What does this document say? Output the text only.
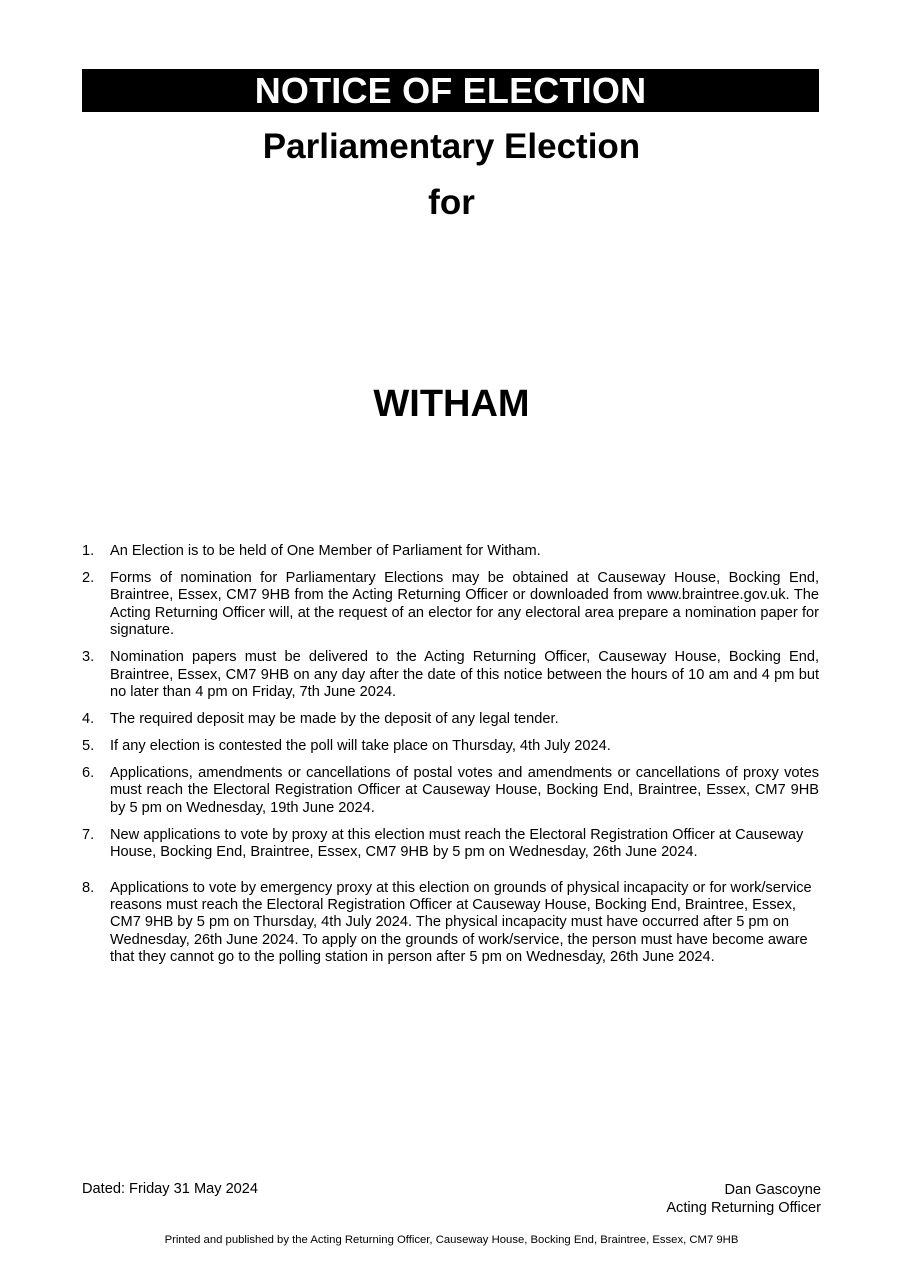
NOTICE OF ELECTION
Parliamentary Election
for
WITHAM
1. An Election is to be held of One Member of Parliament for Witham.
2. Forms of nomination for Parliamentary Elections may be obtained at Causeway House, Bocking End, Braintree, Essex, CM7 9HB from the Acting Returning Officer or downloaded from www.braintree.gov.uk. The Acting Returning Officer will, at the request of an elector for any electoral area prepare a nomination paper for signature.
3. Nomination papers must be delivered to the Acting Returning Officer, Causeway House, Bocking End, Braintree, Essex, CM7 9HB on any day after the date of this notice between the hours of 10 am and 4 pm but no later than 4 pm on Friday, 7th June 2024.
4. The required deposit may be made by the deposit of any legal tender.
5. If any election is contested the poll will take place on Thursday, 4th July 2024.
6. Applications, amendments or cancellations of postal votes and amendments or cancellations of proxy votes must reach the Electoral Registration Officer at Causeway House, Bocking End, Braintree, Essex, CM7 9HB by 5 pm on Wednesday, 19th June 2024.
7. New applications to vote by proxy at this election must reach the Electoral Registration Officer at Causeway House, Bocking End, Braintree, Essex, CM7 9HB by 5 pm on Wednesday, 26th June 2024.
8. Applications to vote by emergency proxy at this election on grounds of physical incapacity or for work/service reasons must reach the Electoral Registration Officer at Causeway House, Bocking End, Braintree, Essex, CM7 9HB by 5 pm on Thursday, 4th July 2024. The physical incapacity must have occurred after 5 pm on Wednesday, 26th June 2024. To apply on the grounds of work/service, the person must have become aware that they cannot go to the polling station in person after 5 pm on Wednesday, 26th June 2024.
Dated: Friday 31 May 2024	Dan Gascoyne
Acting Returning Officer
Printed and published by the Acting Returning Officer, Causeway House, Bocking End, Braintree, Essex, CM7 9HB
